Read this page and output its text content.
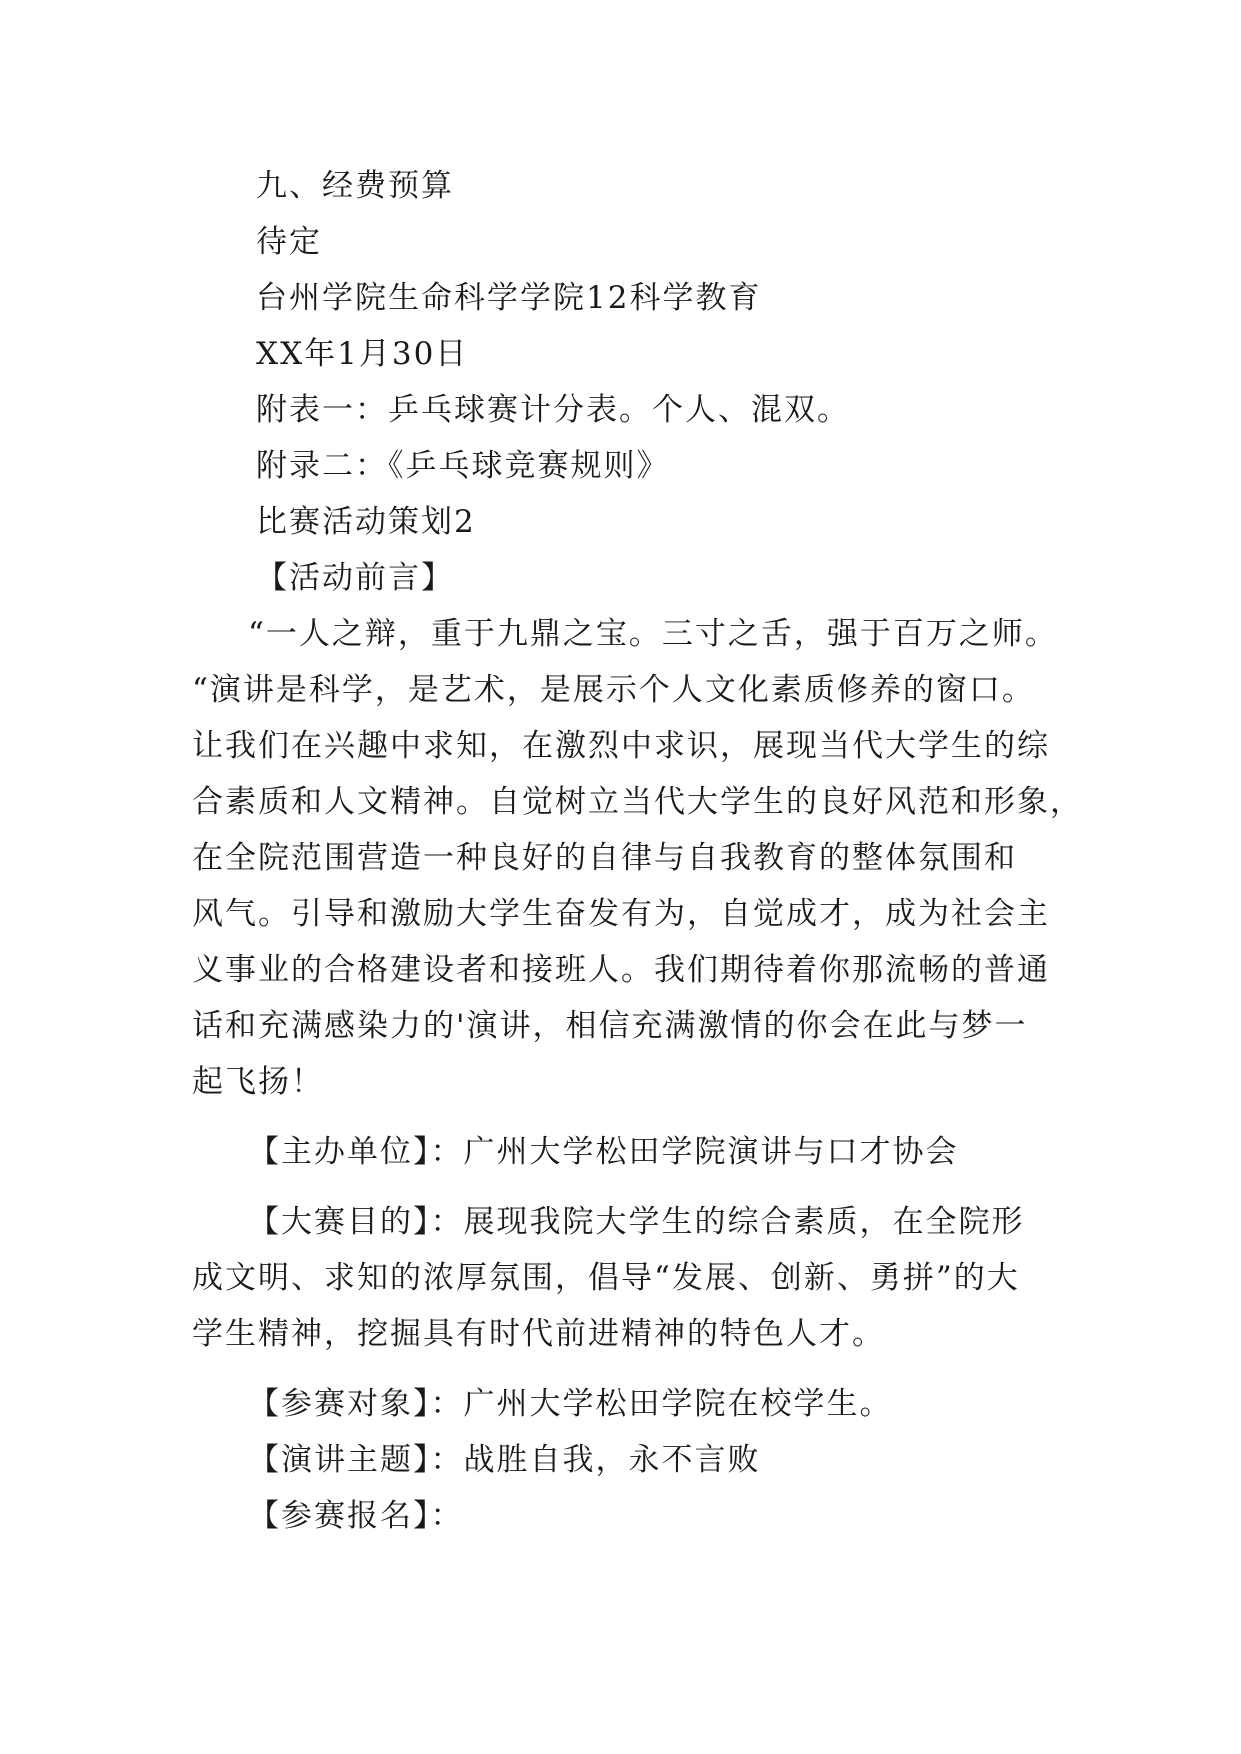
九、经费预算
待定
台州学院生命科学学院12科学教育
XX年1月30日
附表一：乒乓球赛计分表。个人、混双。
附录二：《乒乓球竞赛规则》
比赛活动策划2
【活动前言】
“一人之辩，重于九鼎之宝。三寸之舌，强于百万之师。
“演讲是科学，是艺术，是展示个人文化素质修养的窗口。
让我们在兴趣中求知，在激烈中求识，展现当代大学生的综
合素质和人文精神。自觉树立当代大学生的良好风范和形象，
在全院范围营造一种良好的自律与自我教育的整体氛围和
风气。引导和激励大学生奋发有为，自觉成才，成为社会主
义事业的合格建设者和接班人。我们期待着你那流畅的普通
话和充满感染力的'演讲，相信充满激情的你会在此与梦一
起飞扬！
【主办单位】：广州大学松田学院演讲与口才协会
【大赛目的】：展现我院大学生的综合素质，在全院形
成文明、求知的浓厚氛围，倡导“发展、创新、勇拼”的大
学生精神，挖掘具有时代前进精神的特色人才。
【参赛对象】：广州大学松田学院在校学生。
【演讲主题】：战胜自我，永不言败
【参赛报名】：
